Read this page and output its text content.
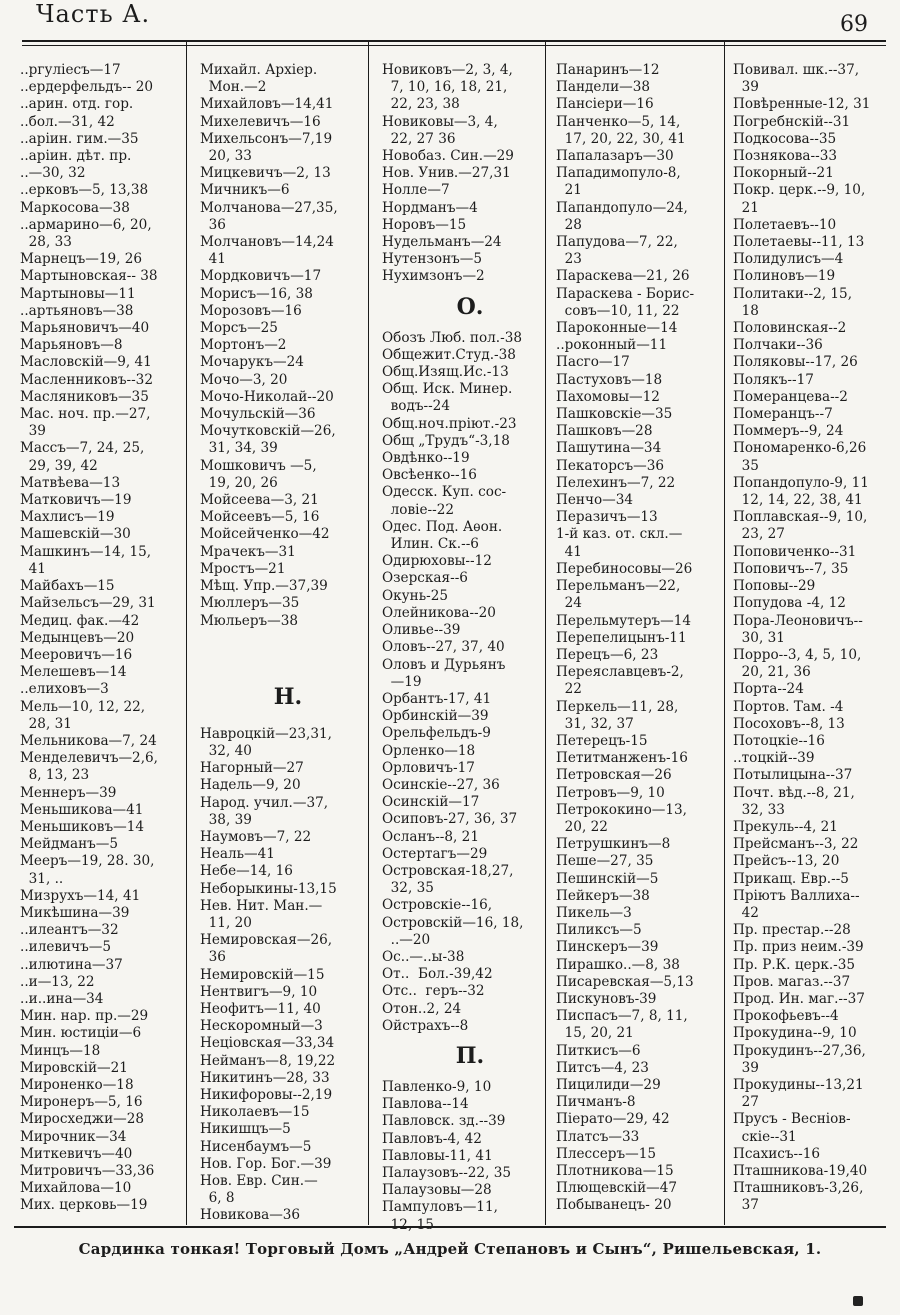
Часть А.	69
..ргуліесъ—17
..ердерфельдъ-- 20
..арин. отд. гор.
..бол.—31, 42
..аріин. гим.—35
..аріин. дѣт. пр.
..—30, 32
..ерковъ—5, 13,38
Маркосова—38
..армарино—6, 20,
28, 33
Марнецъ—19, 26
Мартыновская-- 38
Мартыновы—11
..артьяновъ—38
Марьяновичъ—40
Марьяновъ—8
Масловскій—9, 41
Масленниковъ--32
Масляниковъ—35
Мас. ноч. пр.—27,
39
Массъ—7, 24, 25,
29, 39, 42
Матвѣева—13
Матковичъ—19
Махлисъ—19
Машевскій—30
Машкинъ—14, 15,
41
Майбахъ—15
Майзельсъ—29, 31
Медиц. фак.—42
Медынцевъ—20
Меeровичъ—16
Мелешевъ—14
..елиховъ—3
Мель—10, 12, 22,
28, 31
Мельникова—7, 24
Менделевичъ—2,6,
8, 13, 23
Меннеръ—39
Меньшикова—41
Меньшиковъ—14
Мейдманъ—5
Меeръ—19, 28. 30,
31, ..
Мизрухъ—14, 41
Микѣшина—39
..илеантъ—32
..илевичъ—5
..илютина—37
..и—13, 22
..и..ина—34
Мин. нар. пр.—29
Мин. юстиціи—6
Минцъ—18
Мировскій—21
Мироненко—18
Миронеръ—5, 16
Миросхеджи—28
Мирочник—34
Миткевичъ—40
Митровичъ—33,36
Михайлова—10
Мих. церковь—19
Михайл. Архіер.
Мон.—2
Михайловъ—14,41
Михелевичъ—16
Михельсонъ—7,19
20, 33
Мицкевичъ—2, 13
Мичникъ—6
Молчанова—27,35,
36
Молчановъ—14,24
41
Мордковичъ—17
Морисъ—16, 38
Морозовъ—16
Морсъ—25
Мортонъ—2
Мочарукъ—24
Мочо—3, 20
Мочо-Николай--20
Мочульскій—36
Мочутковскій—26,
31, 34, 39
Мошковичъ —5,
19, 20, 26
Мойсеева—3, 21
Мойсеевъ—5, 16
Мойсейченко—42
Мрачекъ—31
Мростъ—21
Мѣщ. Упр.—37,39
Мюллеръ—35
Мюльеръ—38
Н.
Навроцкій—23,31,
32, 40
Нагорный—27
Надель—9, 20
Народ. учил.—37,
38, 39
Наумовъ—7, 22
Неаль—41
Небе—14, 16
Неборыкины-13,15
Нев. Нит. Ман.—
11, 20
Немировская—26,
36
Немировскій—15
Нентвигъ—9, 10
Неофитъ—11, 40
Нескоромный—3
Нецiовская—33,34
Нейманъ—8, 19,22
Никитинъ—28, 33
Никифоровы--2,19
Николаевъ—15
Никишцъ—5
Нисенбаумъ—5
Нов. Гор. Бог.—39
Нов. Евр. Син.—
6, 8
Новикова—36
Новиковъ—2, 3, 4,
7, 10, 16, 18, 21,
22, 23, 38
Новиковы—3, 4,
22, 27 36
Новобаз. Син.—29
Нов. Унив.—27,31
Нолле—7
Нордманъ—4
Норовъ—15
Нудельманъ—24
Нутензонъ—5
Нухимзонъ—2
О.
Обозъ Люб. пол.-38
Общежит.Студ.-38
Общ.Изящ.Ис.-13
Общ. Иск. Минер.
водъ--24
Общ.ноч.пріют.-23
Общ „Трудъ“-3,18
Овдѣнко--19
Овсѣенко--16
Одесск. Куп. сос-
ловіе--22
Одес. Под. Аѳон.
Илин. Ск.--6
Одирюховы--12
Озерская--6
Окунь-25
Олейникова--20
Оливье--39
Оловъ--27, 37, 40
Оловъ и Дурьянъ
—19
Орбантъ-17, 41
Орбинскій—39
Орельфельдъ-9
Орленко—18
Орловичъ-17
Осинскіе--27, 36
Осинскій—17
Осиповъ-27, 36, 37
Осланъ--8, 21
Остертагъ—29
Островская-18,27,
32, 35
Островскіе--16,
Островскій—16, 18,
..—20
Ос..—..ы-38
От..  Бол.-39,42
Отс..  геръ--32
Отон..2, 24
Ойстрахъ--8
П.
Павленко-9, 10
Павлова--14
Павловск. зд.--39
Павловъ-4, 42
Павловы-11, 41
Палаузовъ--22, 35
Палаузовы—28
Пампуловъ—11,
12, 15
Панаринъ—12
Пандели—38
Пансіери—16
Панченко—5, 14,
17, 20, 22, 30, 41
Папалазаръ—30
Пападимопуло-8,
21
Папандопуло—24,
28
Папудова—7, 22,
23
Параскева—21, 26
Параскева - Борис-
совъ—10, 11, 22
Пароконные—14
..роконный—11
Пасго—17
Пастуховъ—18
Пахомовы—12
Пашковскіе—35
Пашковъ—28
Пашутина—34
Пекаторсъ—36
Пелехинъ—7, 22
Пенчо—34
Перазичъ—13
1-й каз. от. скл.—
41
Перебиносовы—26
Перельманъ—22,
24
Перельмутеръ—14
Перепелицынъ-11
Перецъ—6, 23
Переяславцевъ-2,
22
Перкель—11, 28,
31, 32, 37
Петерецъ-15
Петитманженъ-16
Петровская—26
Петровъ—9, 10
Петрококино—13,
20, 22
Петрушкинъ—8
Пеше—27, 35
Пешинскій—5
Пейкеръ—38
Пикель—3
Пиликсъ—5
Пинскеръ—39
Пирашко..—8, 38
Писаревская—5,13
Пискуновъ-39
Писпасъ—7, 8, 11,
15, 20, 21
Питкисъ—6
Питсъ—4, 23
Пицилиди—29
Пичманъ-8
Піерато—29, 42
Платсъ—33
Плессеръ—15
Плотникова—15
Плющевскій—47
Побыванецъ- 20
Повивал. шк.--37,
39
Повѣренные-12, 31
Погребнскій--31
Подкосова--35
Познякова--33
Покорный--21
Покр. церк.--9, 10,
21
Полетаевъ--10
Полетаевы--11, 13
Полидулисъ—4
Полиновъ—19
Политаки--2, 15,
18
Половинская--2
Полчаки--36
Поляковы--17, 26
Полякъ--17
Померанцева--2
Померанцъ--7
Поммеръ--9, 24
Пономаренко-6,26
35
Попандопуло-9, 11
12, 14, 22, 38, 41
Поплавская--9, 10,
23, 27
Поповиченко--31
Поповичъ--7, 35
Поповы--29
Попудова -4, 12
Пора-Леоновичъ--
30, 31
Порро--3, 4, 5, 10,
20, 21, 36
Порта--24
Портов. Там. -4
Посоховъ--8, 13
Потоцкіе--16
..тоцкій--39
Потылицына--37
Почт. вѣд.--8, 21,
32, 33
Прекуль--4, 21
Прейсманъ--3, 22
Прейсъ--13, 20
Прикащ. Евр.--5
Пріютъ Валлиха--
42
Пр. престар.--28
Пр. приз неим.-39
Пр. Р.К. церк.-35
Пров. магаз.--37
Прод. Ин. маг.--37
Прокофьевъ--4
Прокудина--9, 10
Прокудинъ--27,36,
39
Прокудины--13,21
27
Прусъ - Весніов-
скіе--31
Псахисъ--16
Пташникова-19,40
Пташниковъ-3,26,
37
Сардинка тонкая! Торговый Домъ „Андрей Степановъ и Сынъ“, Ришельевская, 1.
